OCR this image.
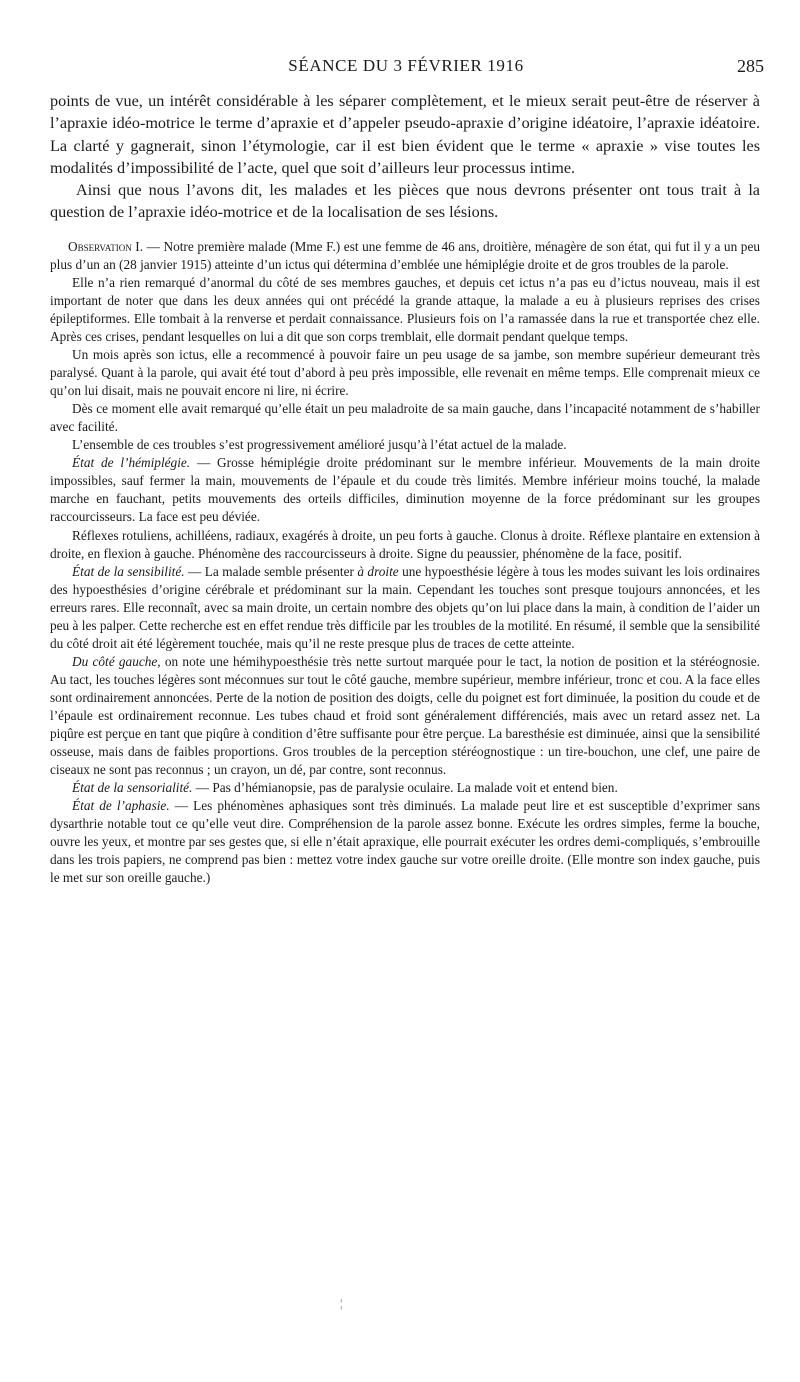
SÉANCE DU 3 FÉVRIER 1916	285

points de vue, un intérêt considérable à les séparer complètement, et le mieux serait peut-être de réserver à l’apraxie idéo-motrice le terme d’apraxie et d’appeler pseudo-apraxie d’origine idéatoire, l’apraxie idéatoire. La clarté y gagnerait, sinon l’étymologie, car il est bien évident que le terme « apraxie » vise toutes les modalités d’impossibilité de l’acte, quel que soit d’ailleurs leur processus intime.

Ainsi que nous l’avons dit, les malades et les pièces que nous devrons présenter ont tous trait à la question de l’apraxie idéo-motrice et de la localisation de ses lésions.

Observation I. — Notre première malade (Mme F.) est une femme de 46 ans, droitière, ménagère de son état, qui fut il y a un peu plus d’un an (28 janvier 1915) atteinte d’un ictus qui détermina d’emblée une hémiplégie droite et de gros troubles de la parole.

Elle n’a rien remarqué d’anormal du côté de ses membres gauches, et depuis cet ictus n’a pas eu d’ictus nouveau, mais il est important de noter que dans les deux années qui ont précédé la grande attaque, la malade a eu à plusieurs reprises des crises épileptiformes. Elle tombait à la renverse et perdait connaissance. Plusieurs fois on l’a ramassée dans la rue et transportée chez elle. Après ces crises, pendant lesquelles on lui a dit que son corps tremblait, elle dormait pendant quelque temps.

Un mois après son ictus, elle a recommencé à pouvoir faire un peu usage de sa jambe, son membre supérieur demeurant très paralysé. Quant à la parole, qui avait été tout d’abord à peu près impossible, elle revenait en même temps. Elle comprenait mieux ce qu’on lui disait, mais ne pouvait encore ni lire, ni écrire.

Dès ce moment elle avait remarqué qu’elle était un peu maladroite de sa main gauche, dans l’incapacité notamment de s’habiller avec facilité.

L’ensemble de ces troubles s’est progressivement amélioré jusqu’à l’état actuel de la malade.

État de l’hémiplégie. — Grosse hémiplégie droite prédominant sur le membre inférieur. Mouvements de la main droite impossibles, sauf fermer la main, mouvements de l’épaule et du coude très limités. Membre inférieur moins touché, la malade marche en fauchant, petits mouvements des orteils difficiles, diminution moyenne de la force prédominant sur les groupes raccourcisseurs. La face est peu déviée.

Réflexes rotuliens, achilléens, radiaux, exagérés à droite, un peu forts à gauche. Clonus à droite. Réflexe plantaire en extension à droite, en flexion à gauche. Phénomène des raccourcisseurs à droite. Signe du peaussier, phénomène de la face, positif.

État de la sensibilité. — La malade semble présenter à droite une hypoesthésie légère à tous les modes suivant les lois ordinaires des hypoesthésies d’origine cérébrale et prédominant sur la main. Cependant les touches sont presque toujours annoncées, et les erreurs rares. Elle reconnaît, avec sa main droite, un certain nombre des objets qu’on lui place dans la main, à condition de l’aider un peu à les palper. Cette recherche est en effet rendue très difficile par les troubles de la motilité. En résumé, il semble que la sensibilité du côté droit ait été légèrement touchée, mais qu’il ne reste presque plus de traces de cette atteinte.

Du côté gauche, on note une hémihypoesthésie très nette surtout marquée pour le tact, la notion de position et la stéréognosie. Au tact, les touches légères sont méconnues sur tout le côté gauche, membre supérieur, membre inférieur, tronc et cou. A la face elles sont ordinairement annoncées. Perte de la notion de position des doigts, celle du poignet est fort diminuée, la position du coude et de l’épaule est ordinairement reconnue. Les tubes chaud et froid sont généralement différenciés, mais avec un retard assez net. La piqûre est perçue en tant que piqûre à condition d’être suffisante pour être perçue. La baresthésie est diminuée, ainsi que la sensibilité osseuse, mais dans de faibles proportions. Gros troubles de la perception stéréognostique : un tire-bouchon, une clef, une paire de ciseaux ne sont pas reconnus ; un crayon, un dé, par contre, sont reconnus.

État de la sensorialité. — Pas d’hémianopsie, pas de paralysie oculaire. La malade voit et entend bien.

État de l’aphasie. — Les phénomènes aphasiques sont très diminués. La malade peut lire et est susceptible d’exprimer sans dysarthrie notable tout ce qu’elle veut dire. Compréhension de la parole assez bonne. Exécute les ordres simples, ferme la bouche, ouvre les yeux, et montre par ses gestes que, si elle n’était apraxique, elle pourrait exécuter les ordres demi-compliqués, s’embrouille dans les trois papiers, ne comprend pas bien : mettez votre index gauche sur votre oreille droite. (Elle montre son index gauche, puis le met sur son oreille gauche.)

¦
